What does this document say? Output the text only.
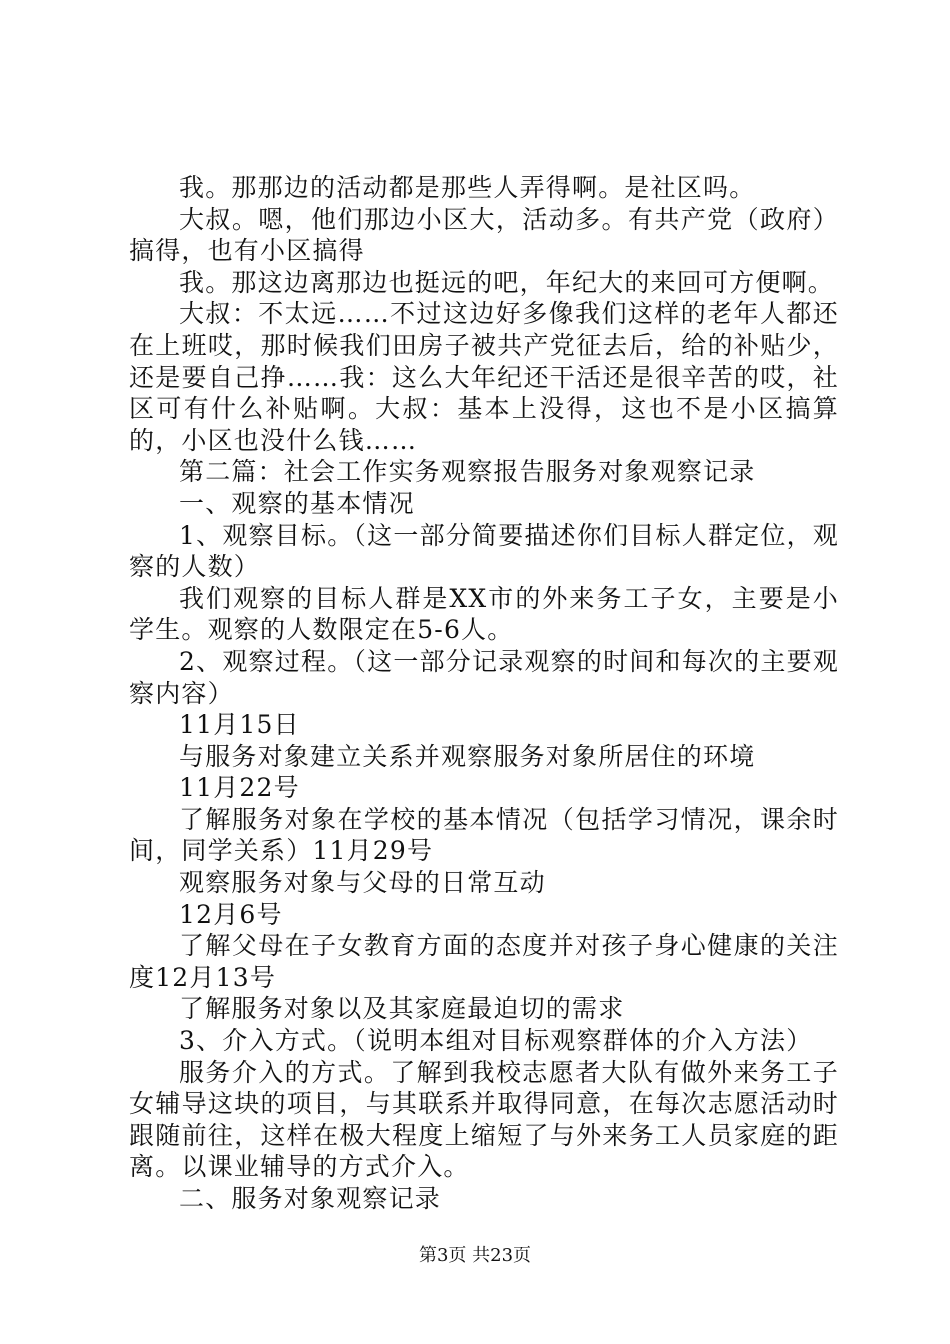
我。那那边的活动都是那些人弄得啊。是社区吗。

大叔。嗯，他们那边小区大，活动多。有共产党（政府）搞得，也有小区搞得

我。那这边离那边也挺远的吧，年纪大的来回可方便啊。

大叔：不太远……不过这边好多像我们这样的老年人都还在上班哎，那时候我们田房子被共产党征去后，给的补贴少，还是要自己挣……我：这么大年纪还干活还是很辛苦的哎，社区可有什么补贴啊。大叔：基本上没得，这也不是小区搞算的，小区也没什么钱……

第二篇：社会工作实务观察报告服务对象观察记录

一、观察的基本情况

1、观察目标。（这一部分简要描述你们目标人群定位，观察的人数）

我们观察的目标人群是XX市的外来务工子女，主要是小学生。观察的人数限定在5-6人。

2、观察过程。（这一部分记录观察的时间和每次的主要观察内容）

11月15日

与服务对象建立关系并观察服务对象所居住的环境

11月22号

了解服务对象在学校的基本情况（包括学习情况，课余时间，同学关系）11月29号

观察服务对象与父母的日常互动

12月6号

了解父母在子女教育方面的态度并对孩子身心健康的关注度12月13号

了解服务对象以及其家庭最迫切的需求

3、介入方式。（说明本组对目标观察群体的介入方法）

服务介入的方式。了解到我校志愿者大队有做外来务工子女辅导这块的项目，与其联系并取得同意，在每次志愿活动时跟随前往，这样在极大程度上缩短了与外来务工人员家庭的距离。以课业辅导的方式介入。

二、服务对象观察记录

第3页 共23页
